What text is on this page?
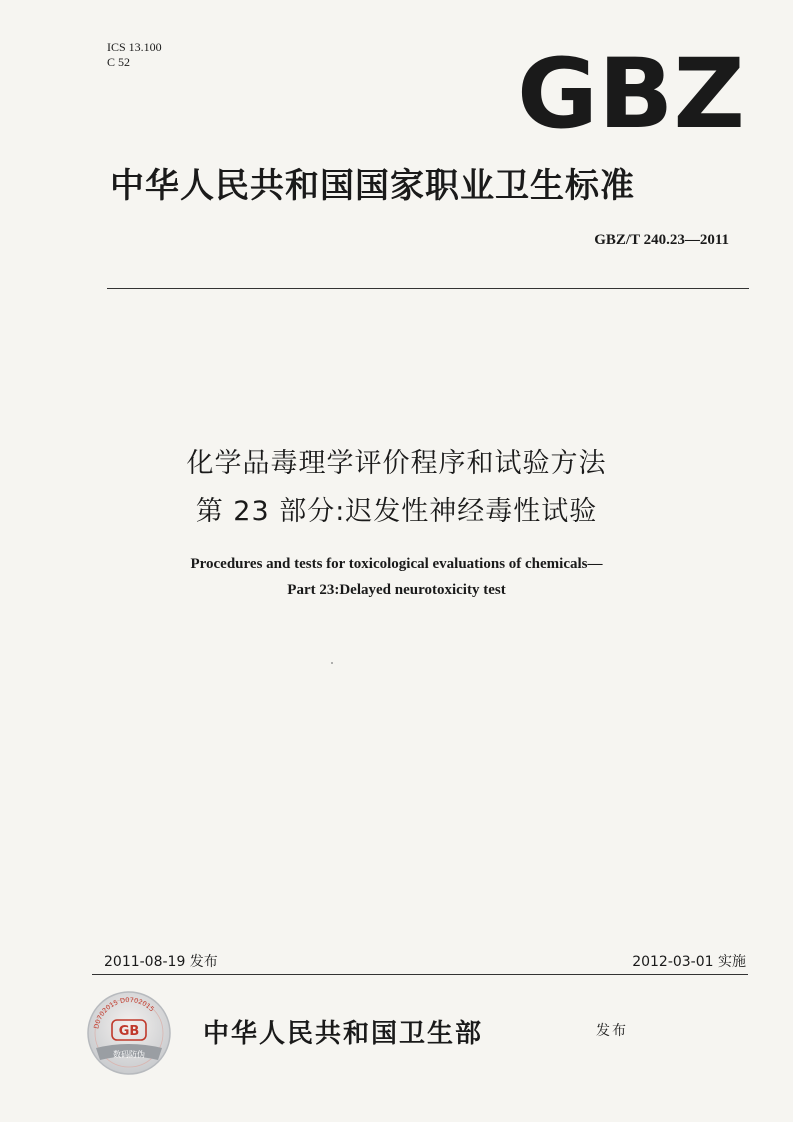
ICS 13.100
C 52	GBZ
中华人民共和国国家职业卫生标准
GBZ/T 240.23—2011
化学品毒理学评价程序和试验方法
第 23 部分:迟发性神经毒性试验
Procedures and tests for toxicological evaluations of chemicals—
Part 23:Delayed neurotoxicity test
2011-08-19 发布	2012-03-01 实施
D0702015 D0702015
GB
数码防伪
中华人民共和国卫生部	发布
